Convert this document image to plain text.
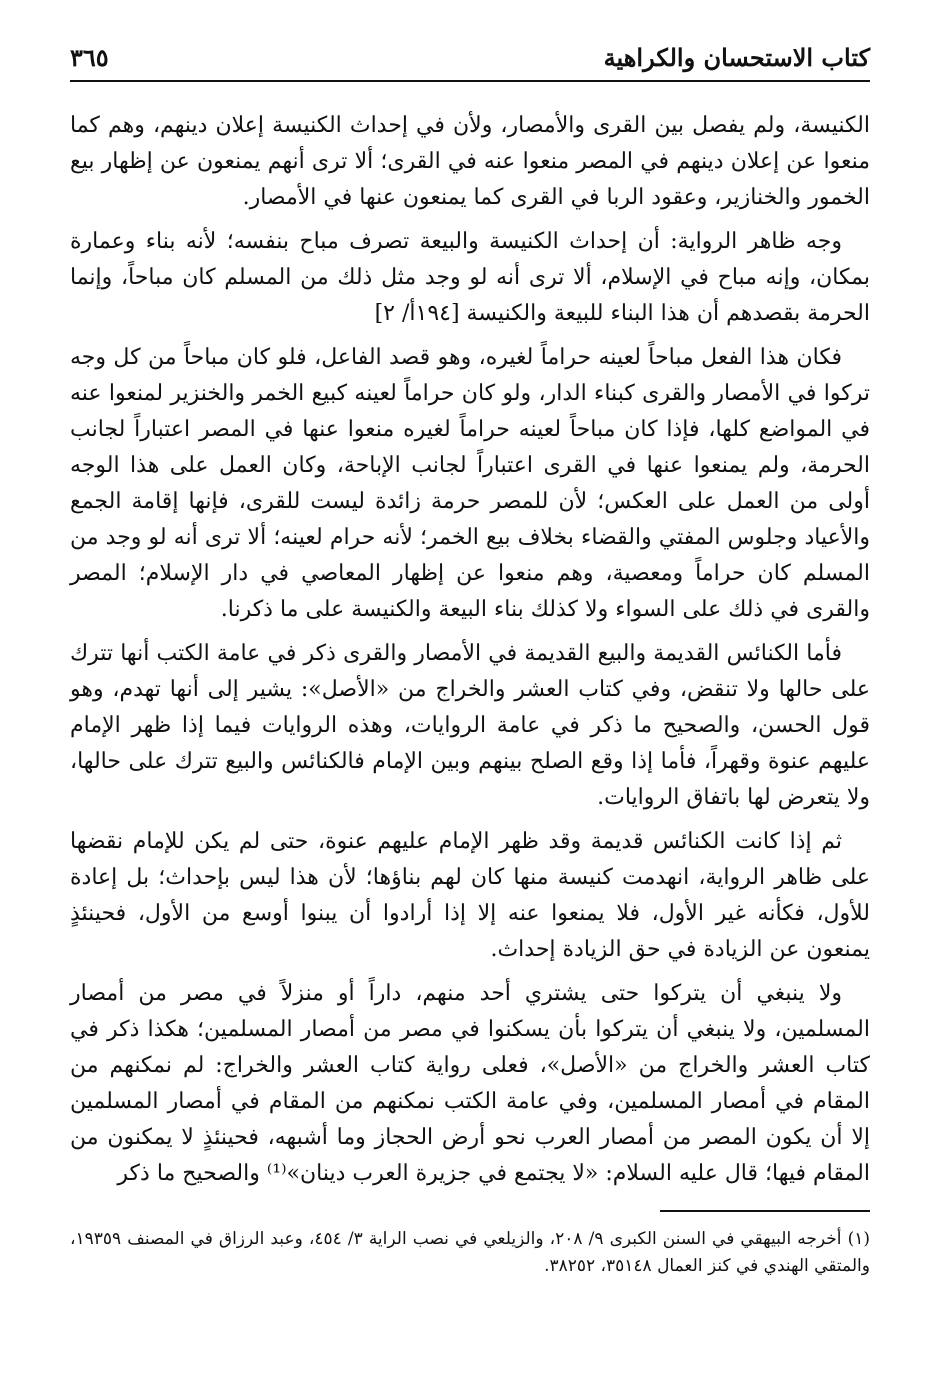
كتاب الاستحسان والكراهية
٣٦٥

الكنيسة، ولم يفصل بين القرى والأمصار، ولأن في إحداث الكنيسة إعلان دينهم، وهم كما منعوا عن إعلان دينهم في المصر منعوا عنه في القرى؛ ألا ترى أنهم يمنعون عن إظهار بيع الخمور والخنازير، وعقود الربا في القرى كما يمنعون عنها في الأمصار.

وجه ظاهر الرواية: أن إحداث الكنيسة والبيعة تصرف مباح بنفسه؛ لأنه بناء وعمارة بمكان، وإنه مباح في الإسلام، ألا ترى أنه لو وجد مثل ذلك من المسلم كان مباحاً، وإنما الحرمة بقصدهم أن هذا البناء للبيعة والكنيسة [١٩٤أ/ ٢]

فكان هذا الفعل مباحاً لعينه حراماً لغيره، وهو قصد الفاعل، فلو كان مباحاً من كل وجه تركوا في الأمصار والقرى كبناء الدار، ولو كان حراماً لعينه كبيع الخمر والخنزير لمنعوا عنه في المواضع كلها، فإذا كان مباحاً لعينه حراماً لغيره منعوا عنها في المصر اعتباراً لجانب الحرمة، ولم يمنعوا عنها في القرى اعتباراً لجانب الإباحة، وكان العمل على هذا الوجه أولى من العمل على العكس؛ لأن للمصر حرمة زائدة ليست للقرى، فإنها إقامة الجمع والأعياد وجلوس المفتي والقضاء بخلاف بيع الخمر؛ لأنه حرام لعينه؛ ألا ترى أنه لو وجد من المسلم كان حراماً ومعصية، وهم منعوا عن إظهار المعاصي في دار الإسلام؛ المصر والقرى في ذلك على السواء ولا كذلك بناء البيعة والكنيسة على ما ذكرنا.

فأما الكنائس القديمة والبيع القديمة في الأمصار والقرى ذكر في عامة الكتب أنها تترك على حالها ولا تنقض، وفي كتاب العشر والخراج من «الأصل»: يشير إلى أنها تهدم، وهو قول الحسن، والصحيح ما ذكر في عامة الروايات، وهذه الروايات فيما إذا ظهر الإمام عليهم عنوة وقهراً، فأما إذا وقع الصلح بينهم وبين الإمام فالكنائس والبيع تترك على حالها، ولا يتعرض لها باتفاق الروايات.

ثم إذا كانت الكنائس قديمة وقد ظهر الإمام عليهم عنوة، حتى لم يكن للإمام نقضها على ظاهر الرواية، انهدمت كنيسة منها كان لهم بناؤها؛ لأن هذا ليس بإحداث؛ بل إعادة للأول، فكأنه غير الأول، فلا يمنعوا عنه إلا إذا أرادوا أن يبنوا أوسع من الأول، فحينئذٍ يمنعون عن الزيادة في حق الزيادة إحداث.

ولا ينبغي أن يتركوا حتى يشتري أحد منهم، داراً أو منزلاً في مصر من أمصار المسلمين، ولا ينبغي أن يتركوا بأن يسكنوا في مصر من أمصار المسلمين؛ هكذا ذكر في كتاب العشر والخراج من «الأصل»، فعلى رواية كتاب العشر والخراج: لم نمكنهم من المقام في أمصار المسلمين، وفي عامة الكتب نمكنهم من المقام في أمصار المسلمين إلا أن يكون المصر من أمصار العرب نحو أرض الحجاز وما أشبهه، فحينئذٍ لا يمكنون من المقام فيها؛ قال عليه السلام: «لا يجتمع في جزيرة العرب دينان»⁽¹⁾ والصحيح ما ذكر

(١) أخرجه البيهقي في السنن الكبرى ٩/ ٢٠٨، والزيلعي في نصب الراية ٣/ ٤٥٤، وعبد الرزاق في المصنف ١٩٣٥٩، والمتقي الهندي في كنز العمال ٣٥١٤٨، ٣٨٢٥٢.
